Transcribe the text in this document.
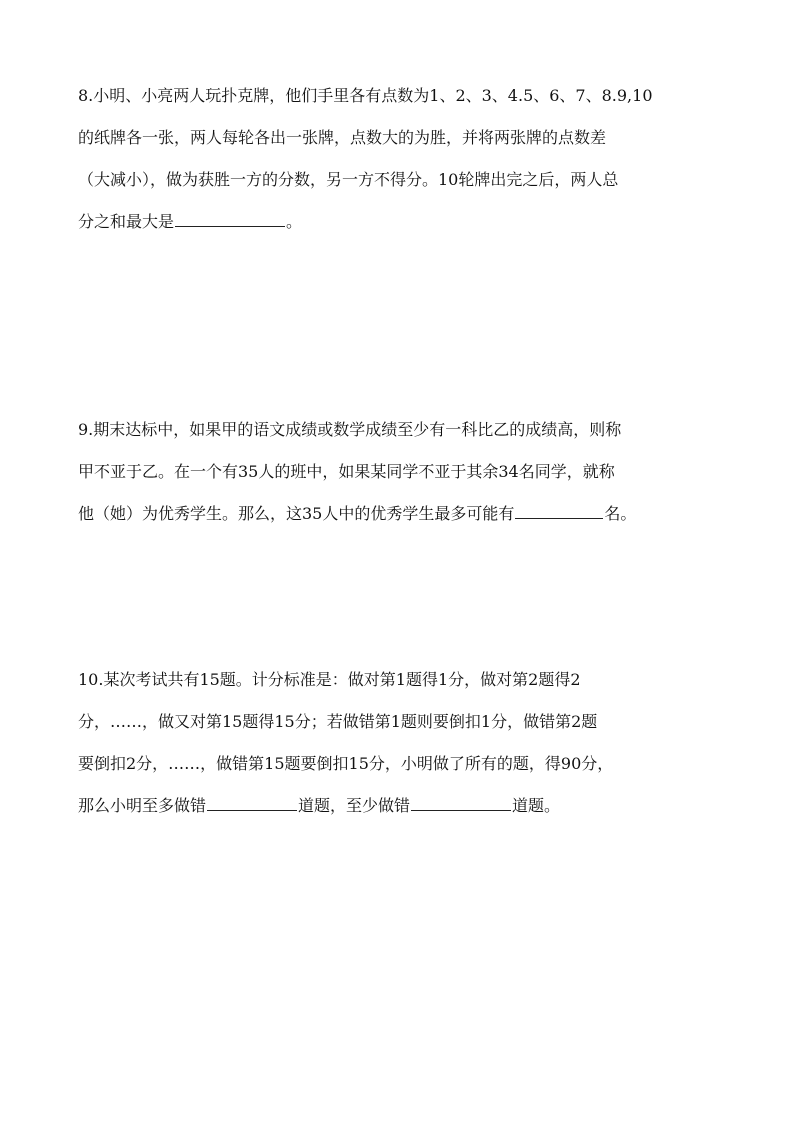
8.小明、小亮两人玩扑克牌，他们手里各有点数为1、2、3、4.5、6、7、8.9,10
的纸牌各一张，两人每轮各出一张牌，点数大的为胜，并将两张牌的点数差
（大减小），做为获胜一方的分数，另一方不得分。10轮牌出完之后，两人总
分之和最大是	。
9.期末达标中，如果甲的语文成绩或数学成绩至少有一科比乙的成绩高，则称
甲不亚于乙。在一个有35人的班中，如果某同学不亚于其余34名同学，就称
他（她）为优秀学生。那么，这35人中的优秀学生最多可能有	名。
10.某次考试共有15题。计分标准是：做对第1题得1分，做对第2题得2
分，……，做又对第15题得15分；若做错第1题则要倒扣1分，做错第2题
要倒扣2分，……，做错第15题要倒扣15分，小明做了所有的题，得90分，
那么小明至多做错	道题，至少做错	道题。
